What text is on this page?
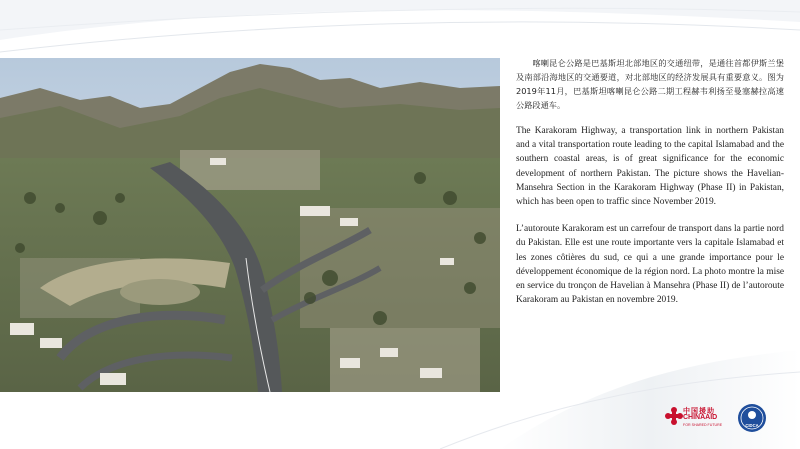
喀喇昆仑公路是巴基斯坦北部地区的交通纽带，是通往首都伊斯兰堡及南部沿海地区的交通要道，对北部地区的经济发展具有重要意义。图为2019年11月，巴基斯坦喀喇昆仑公路二期工程赫韦利扬至曼塞赫拉高速公路段通车。

The Karakoram Highway, a transportation link in northern Pakistan and a vital transportation route leading to the capital Islamabad and the southern coastal areas, is of great significance for the economic development of northern Pakistan. The picture shows the Havelian-Mansehra Section in the Karakoram Highway (Phase II) in Pakistan, which has been open to traffic since November 2019.

L’autoroute Karakoram est un carrefour de transport dans la partie nord du Pakistan. Elle est une route importante vers la capitale Islamabad et les zones côtières du sud, ce qui a une grande importance pour le développement économique de la région nord. La photo montre la mise en service du tronçon de Havelian à Mansehra (Phase II) de l’autoroute Karakoram au Pakistan en novembre 2019.

中国援助
CHINAAID
FOR SHARED FUTURE	CIDCA
